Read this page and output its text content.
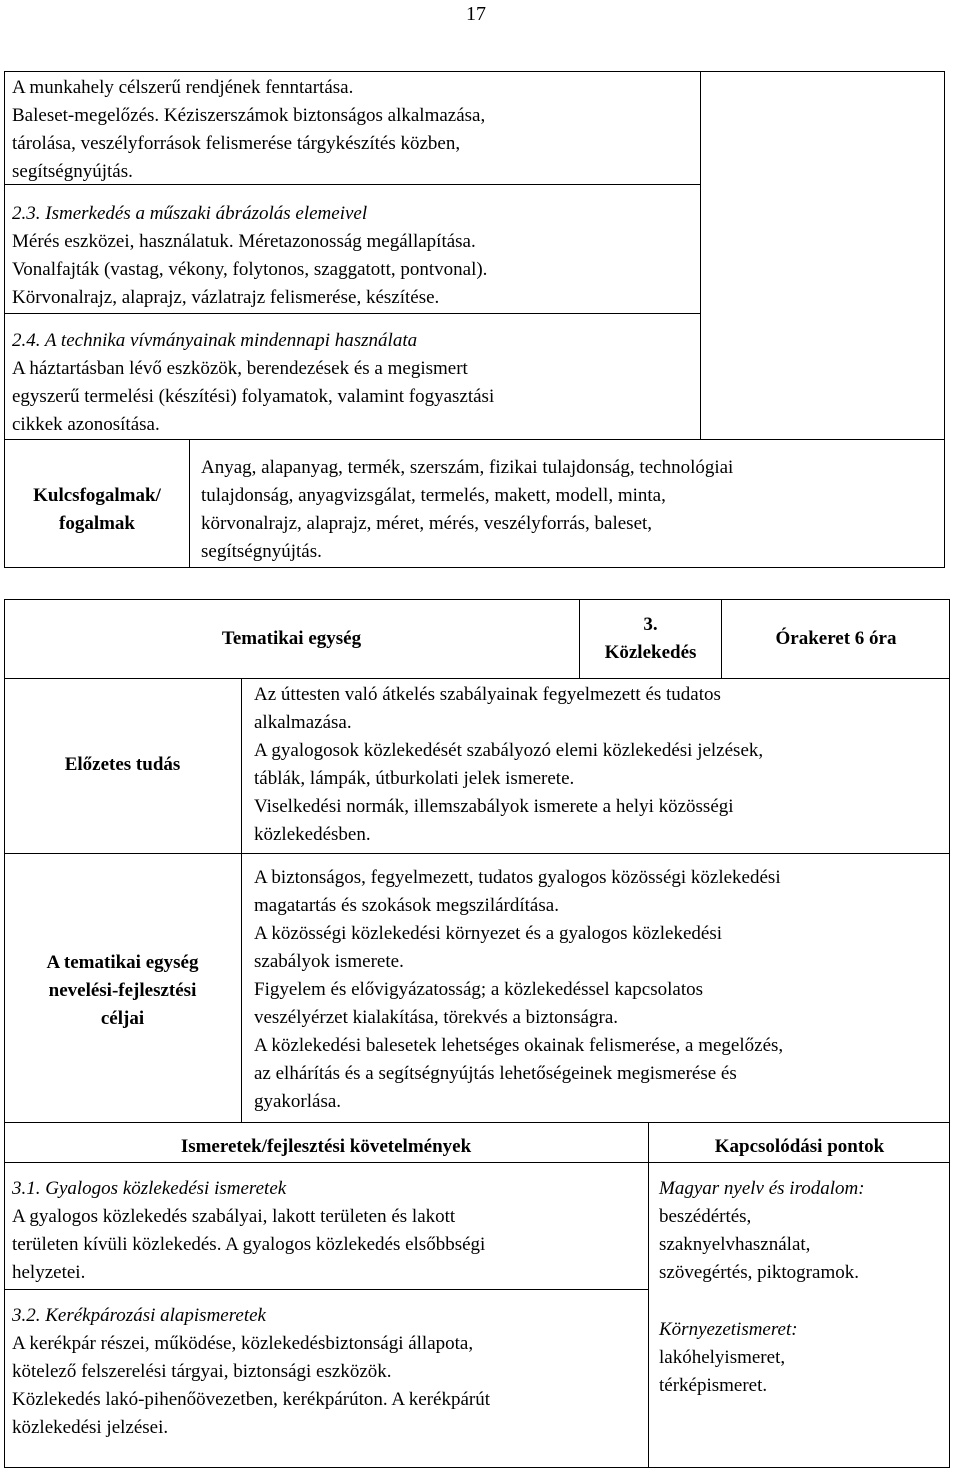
17

A munkahely célszerű rendjének fenntartása.

Baleset-megelőzés. Kéziszerszámok biztonságos alkalmazása,

tárolása, veszélyforrások felismerése tárgykészítés közben,

segítségnyújtás.

2.3. Ismerkedés a műszaki ábrázolás elemeivel

Mérés eszközei, használatuk. Méretazonosság megállapítása.

Vonalfajták (vastag, vékony, folytonos, szaggatott, pontvonal).

Körvonalrajz, alaprajz, vázlatrajz felismerése, készítése.

2.4. A technika vívmányainak mindennapi használata

A háztartásban lévő eszközök, berendezések és a megismert

egyszerű termelési (készítési) folyamatok, valamint fogyasztási

cikkek azonosítása.

Kulcsfogalmak/

fogalmak

Anyag, alapanyag, termék, szerszám, fizikai tulajdonság, technológiai

tulajdonság, anyagvizsgálat, termelés, makett, modell, minta,

körvonalrajz, alaprajz, méret, mérés, veszélyforrás, baleset,

segítségnyújtás.

Tematikai egység

3.

Közlekedés

Órakeret 6 óra
Előzetes tudás

Az úttesten való átkelés szabályainak fegyelmezett és tudatos

alkalmazása.

A gyalogosok közlekedését szabályozó elemi közlekedési jelzések,

táblák, lámpák, útburkolati jelek ismerete.

Viselkedési normák, illemszabályok ismerete a helyi közösségi

közlekedésben.

A tematikai egység

nevelési-fejlesztési

céljai

A biztonságos, fegyelmezett, tudatos gyalogos közösségi közlekedési

magatartás és szokások megszilárdítása.

A közösségi közlekedési környezet és a gyalogos közlekedési

szabályok ismerete.

Figyelem és elővigyázatosság; a közlekedéssel kapcsolatos

veszélyérzet kialakítása, törekvés a biztonságra.

A közlekedési balesetek lehetséges okainak felismerése, a megelőzés,

az elhárítás és a segítségnyújtás lehetőségeinek megismerése és

gyakorlása.

Ismeretek/fejlesztési követelmények	Kapcsolódási pontok

3.1. Gyalogos közlekedési ismeretek

A gyalogos közlekedés szabályai, lakott területen és lakott

területen kívüli közlekedés. A gyalogos közlekedés elsőbbségi

helyzetei.

3.2. Kerékpározási alapismeretek

A kerékpár részei, működése, közlekedésbiztonsági állapota,

kötelező felszerelési tárgyai, biztonsági eszközök.

Közlekedés lakó-pihenőövezetben, kerékpárúton. A kerékpárút

közlekedési jelzései.

Magyar nyelv és irodalom:

beszédértés,

szaknyelvhasználat,

szövegértés, piktogramok.

Környezetismeret:

lakóhelyismeret,

térképismeret.
